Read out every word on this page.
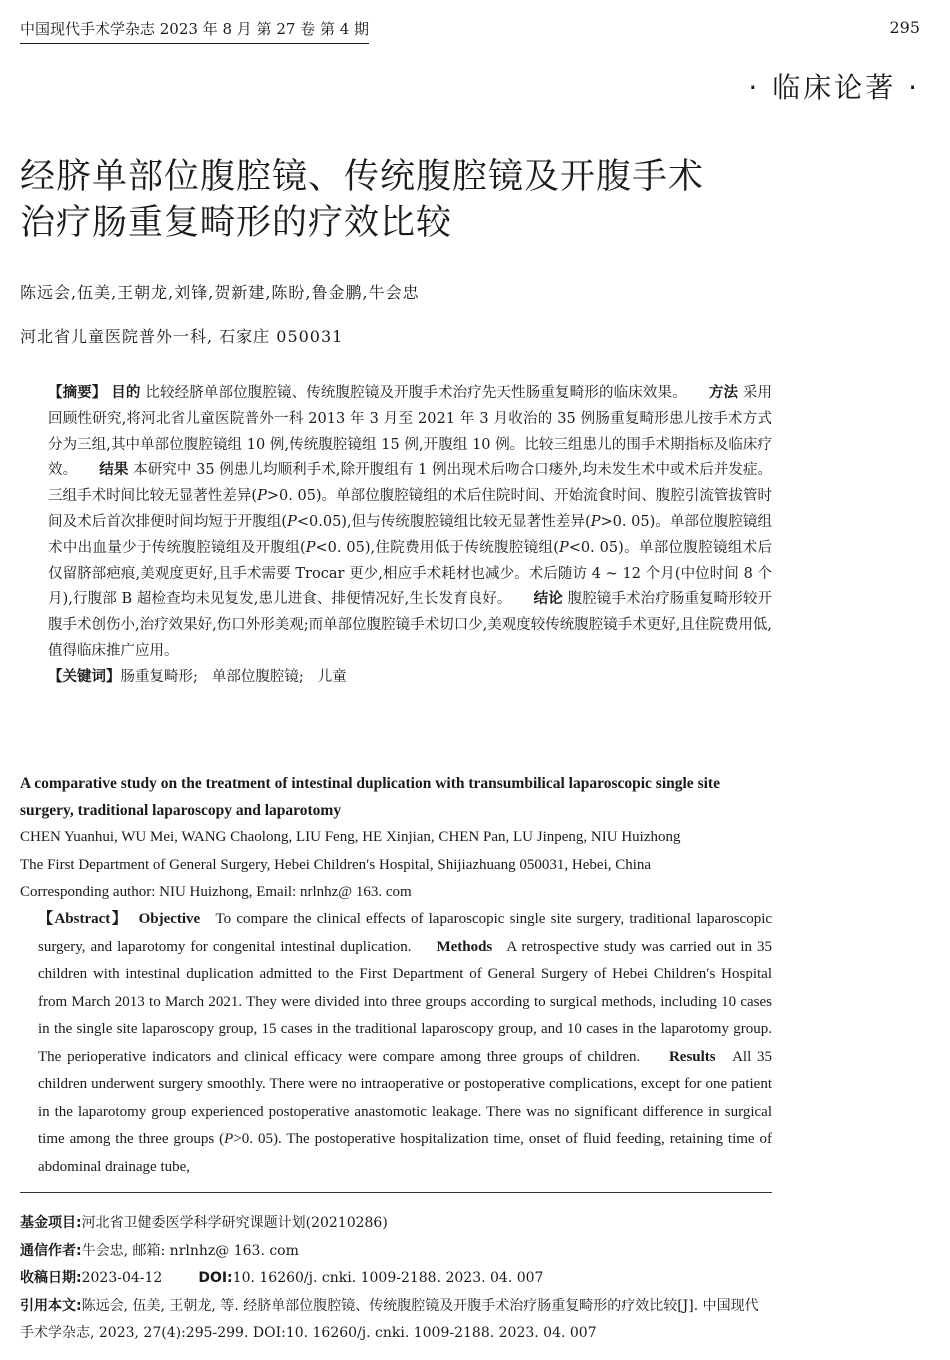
中国现代手术学杂志 2023 年 8 月 第 27 卷 第 4 期	295
· 临床论著 ·
经脐单部位腹腔镜、传统腹腔镜及开腹手术
治疗肠重复畸形的疗效比较
陈远会,伍美,王朝龙,刘锋,贺新建,陈盼,鲁金鹏,牛会忠
河北省儿童医院普外一科, 石家庄 050031
【摘要】 目的 比较经脐单部位腹腔镜、传统腹腔镜及开腹手术治疗先天性肠重复畸形的临床效果。 方法 采用回顾性研究,将河北省儿童医院普外一科 2013 年 3 月至 2021 年 3 月收治的 35 例肠重复畸形患儿按手术方式分为三组,其中单部位腹腔镜组 10 例,传统腹腔镜组 15 例,开腹组 10 例。比较三组患儿的围手术期指标及临床疗效。 结果 本研究中 35 例患儿均顺利手术,除开腹组有 1 例出现术后吻合口瘘外,均未发生术中或术后并发症。三组手术时间比较无显著性差异(P>0. 05)。单部位腹腔镜组的术后住院时间、开始流食时间、腹腔引流管拔管时间及术后首次排便时间均短于开腹组(P<0.05),但与传统腹腔镜组比较无显著性差异(P>0. 05)。单部位腹腔镜组术中出血量少于传统腹腔镜组及开腹组(P<0. 05),住院费用低于传统腹腔镜组(P<0. 05)。单部位腹腔镜组术后仅留脐部疤痕,美观度更好,且手术需要 Trocar 更少,相应手术耗材也减少。术后随访 4 ~ 12 个月(中位时间 8 个月),行腹部 B 超检查均未见复发,患儿进食、排便情况好,生长发育良好。 结论 腹腔镜手术治疗肠重复畸形较开腹手术创伤小,治疗效果好,伤口外形美观;而单部位腹腔镜手术切口少,美观度较传统腹腔镜手术更好,且住院费用低, 值得临床推广应用。
【关键词】肠重复畸形; 单部位腹腔镜; 儿童
A comparative study on the treatment of intestinal duplication with transumbilical laparoscopic single site surgery, traditional laparoscopy and laparotomy
CHEN Yuanhui, WU Mei, WANG Chaolong, LIU Feng, HE Xinjian, CHEN Pan, LU Jinpeng, NIU Huizhong
The First Department of General Surgery, Hebei Children′s Hospital, Shijiazhuang 050031, Hebei, China
Corresponding author: NIU Huizhong, Email: nrlnhz@ 163. com
【Abstract】 Objective To compare the clinical effects of laparoscopic single site surgery, traditional laparoscopic surgery, and laparotomy for congenital intestinal duplication. Methods A retrospective study was carried out in 35 children with intestinal duplication admitted to the First Department of General Surgery of Hebei Children′s Hospital from March 2013 to March 2021. They were divided into three groups according to surgical methods, including 10 cases in the single site laparoscopy group, 15 cases in the traditional laparoscopy group, and 10 cases in the laparotomy group. The perioperative indicators and clinical efficacy were compare among three groups of children. Results All 35 children underwent surgery smoothly. There were no intraoperative or postoperative complications, except for one patient in the laparotomy group experienced postoperative anastomotic leakage. There was no significant difference in surgical time among the three groups (P>0. 05). The postoperative hospitalization time, onset of fluid feeding, retaining time of abdominal drainage tube,
基金项目:河北省卫健委医学科学研究课题计划(20210286)
通信作者:牛会忠, 邮箱: nrlnhz@ 163. com
收稿日期:2023-04-12	DOI:10. 16260/j. cnki. 1009-2188. 2023. 04. 007
引用本文:陈远会, 伍美, 王朝龙, 等. 经脐单部位腹腔镜、传统腹腔镜及开腹手术治疗肠重复畸形的疗效比较[J]. 中国现代手术学杂志, 2023, 27(4):295-299. DOI:10. 16260/j. cnki. 1009-2188. 2023. 04. 007
